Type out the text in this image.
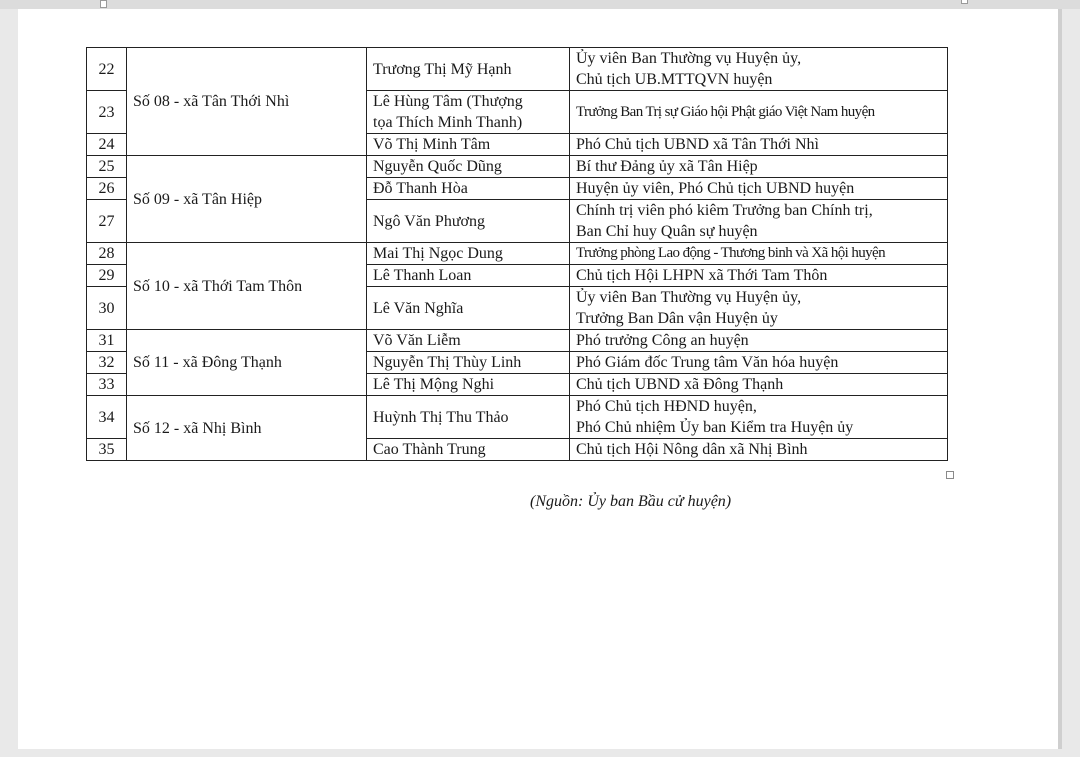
22	Số 08 - xã Tân Thới Nhì	Trương Thị Mỹ Hạnh	Ủy viên Ban Thường vụ Huyện ủy,
Chủ tịch UB.MTTQVN huyện

23		Lê Hùng Tâm (Thượng
tọa Thích Minh Thanh)	Trưởng Ban Trị sự Giáo hội Phật giáo Việt Nam huyện

24		Võ Thị Minh Tâm	Phó Chủ tịch UBND xã Tân Thới Nhì

25	Số 09 - xã Tân Hiệp	Nguyễn Quốc Dũng	Bí thư Đảng ủy xã Tân Hiệp

26		Đỗ Thanh Hòa	Huyện ủy viên, Phó Chủ tịch UBND huyện

27		Ngô Văn Phương	Chính trị viên phó kiêm Trưởng ban Chính trị,
Ban Chỉ huy Quân sự huyện

28	Số 10 - xã Thới Tam Thôn	Mai Thị Ngọc Dung	Trưởng phòng Lao động - Thương binh và Xã hội huyện

29		Lê Thanh Loan	Chủ tịch Hội LHPN xã Thới Tam Thôn

30		Lê Văn Nghĩa	Ủy viên Ban Thường vụ Huyện ủy,
Trưởng Ban Dân vận Huyện ủy

31	Số 11 - xã Đông Thạnh	Võ Văn Liễm	Phó trưởng Công an huyện

32		Nguyễn Thị Thùy Linh	Phó Giám đốc Trung tâm Văn hóa huyện

33		Lê Thị Mộng Nghi	Chủ tịch UBND xã Đông Thạnh

34	Số 12 - xã Nhị Bình	Huỳnh Thị Thu Thảo	Phó Chủ tịch HĐND huyện,
Phó Chủ nhiệm Ủy ban Kiểm tra Huyện ủy

35		Cao Thành Trung	Chủ tịch Hội Nông dân xã Nhị Bình
(Nguồn: Ủy ban Bầu cử huyện)
